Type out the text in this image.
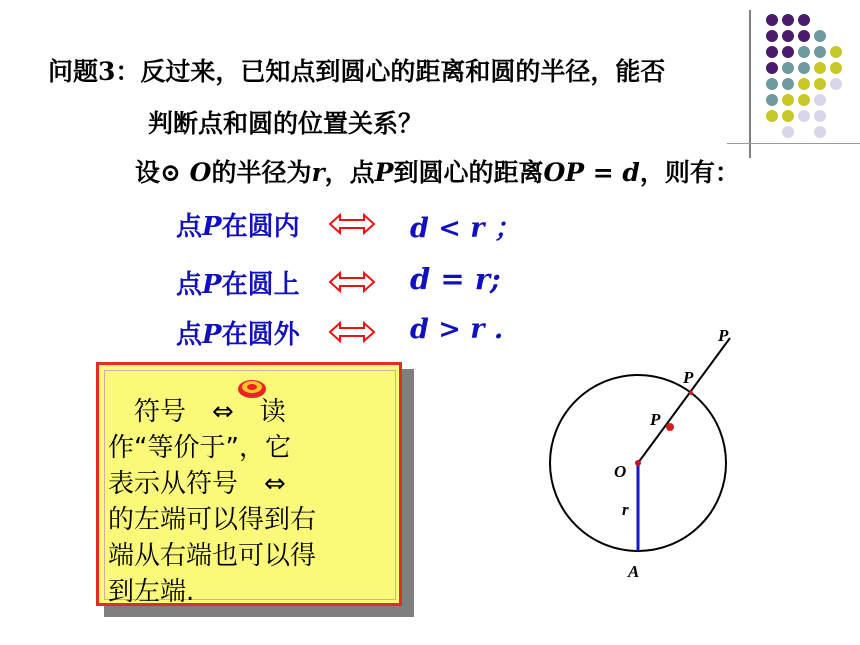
问题3：反过来，已知点到圆心的距离和圆的半径，能否
判断点和圆的位置关系？
设⊙ O的半径为r，点P到圆心的距离OP = d，则有：
点P在圆内	d < r ；
点P在圆上	d = r;
点P在圆外	d > r .
　符号　⇔　读
作“等价于”，它
表示从符号　⇔
的左端可以得到右
端从右端也可以得
到左端.
P
P
P
O
r
A
